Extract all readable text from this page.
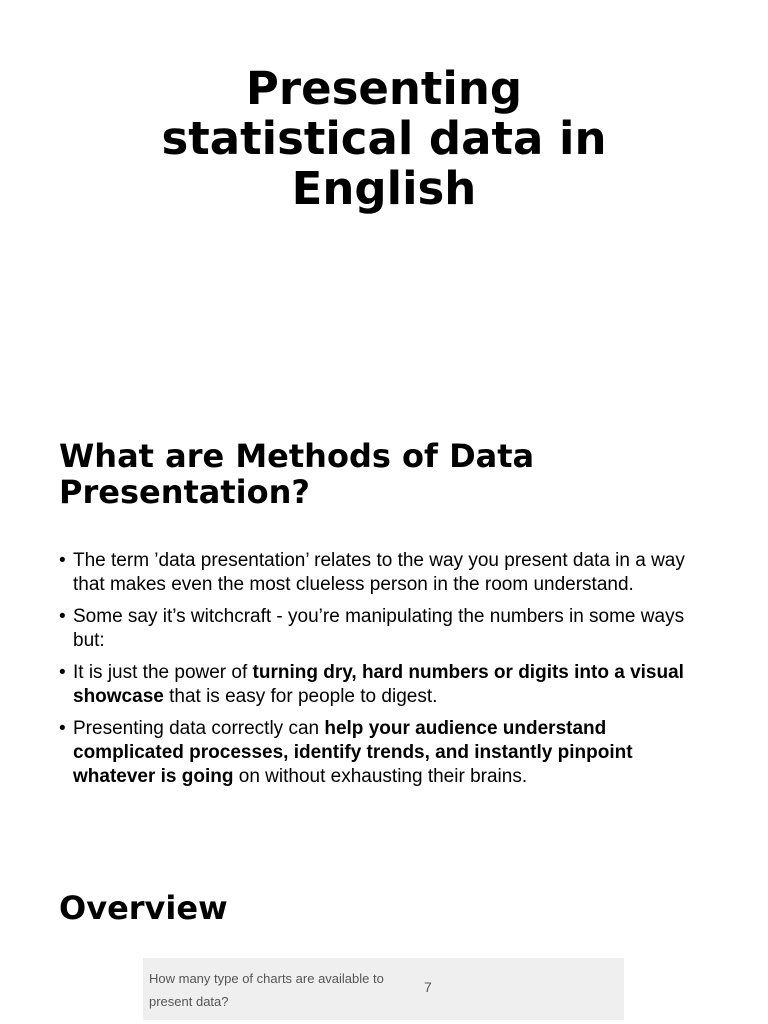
Presenting
statistical data in
English
What are Methods of Data Presentation?
• The term ’data presentation’ relates to the way you present data in a way that makes even the most clueless person in the room understand.
• Some say it’s witchcraft - you’re manipulating the numbers in some ways but:
• It is just the power of turning dry, hard numbers or digits into a visual showcase that is easy for people to digest.
• Presenting data correctly can help your audience understand complicated processes, identify trends, and instantly pinpoint whatever is going on without exhausting their brains.
Overview
How many type of charts are available to present data?
7
